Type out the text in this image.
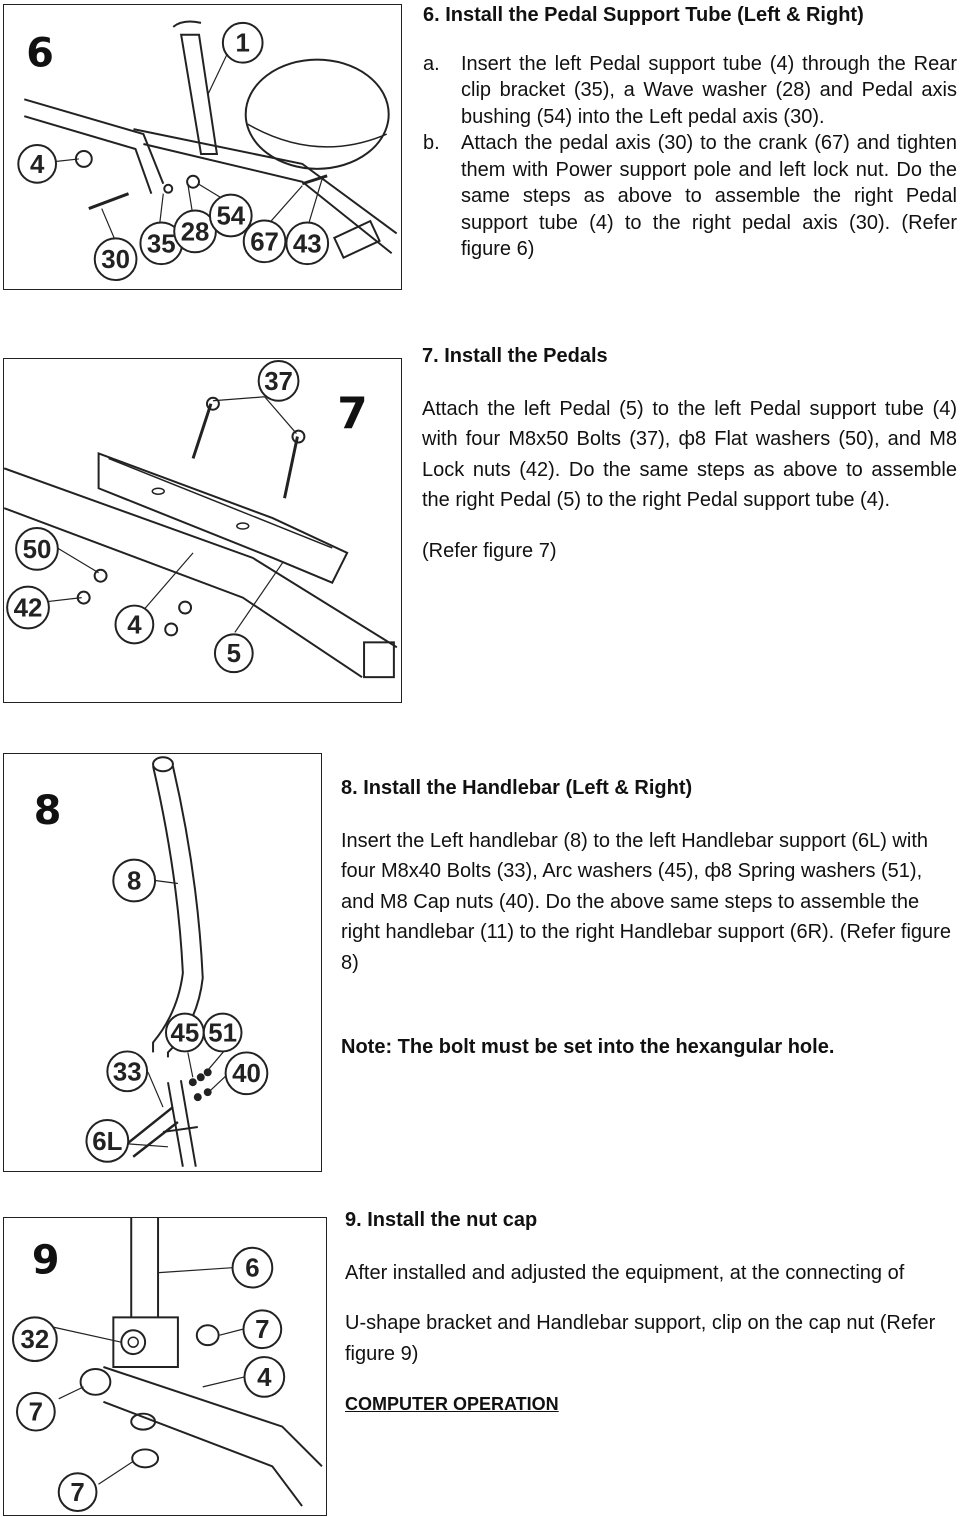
6	1
4
30
35 28
54
67 43

6. Install the Pedal Support Tube (Left & Right)

a.	Insert the left Pedal support tube (4) through the Rear clip bracket (35), a Wave washer (28) and Pedal axis bushing (54) into the Left pedal axis (30).
b.	Attach the pedal axis (30) to the crank (67) and tighten them with Power support pole and left lock nut. Do the same steps as above to assemble the right Pedal support tube (4) to the right pedal axis (30). (Refer figure 6)
7
37
50
42
4
5

7. Install the Pedals

Attach the left Pedal (5) to the left Pedal support tube (4) with four M8x50 Bolts (37), ф8 Flat washers (50), and M8 Lock nuts (42). Do the same steps as above to assemble the right Pedal (5) to the right Pedal support tube (4).

(Refer figure 7)

8
8
45 51
33	40
6L

8. Install the Handlebar (Left & Right)

Insert the Left handlebar (8) to the left Handlebar support (6L) with four M8x40 Bolts (33), Arc washers (45), ф8 Spring washers (51), and M8 Cap nuts (40). Do the above same steps to assemble the right handlebar (11) to the right Handlebar support (6R). (Refer figure 8)

Note: The bolt must be set into the hexangular hole.

9	6
32	7
4
7
7

9. Install the nut cap

After installed and adjusted the equipment, at the connecting of

U-shape bracket and Handlebar support, clip on the cap nut (Refer figure 9)

COMPUTER OPERATION
